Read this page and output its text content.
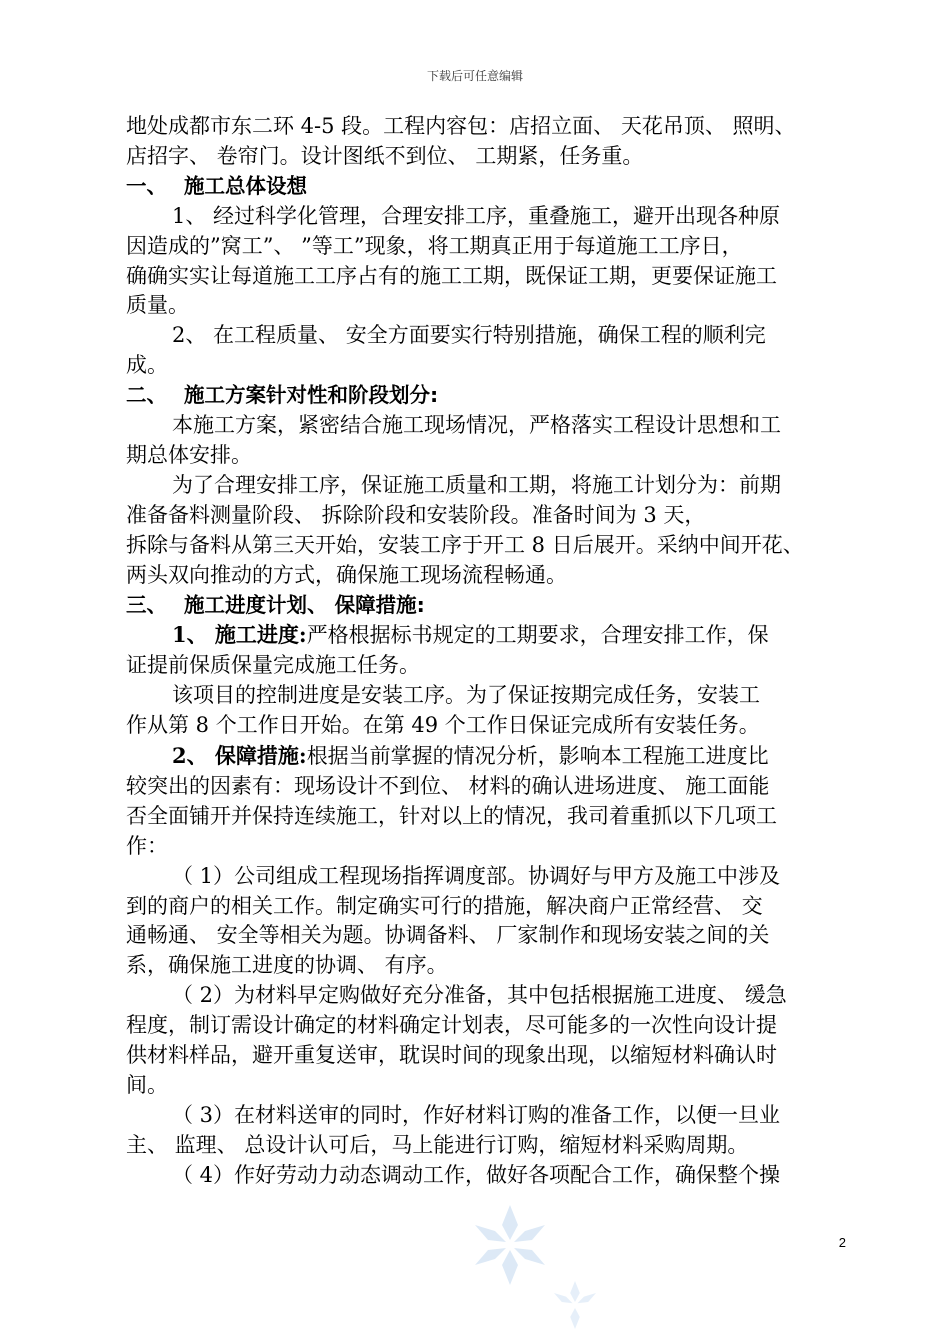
下载后可任意编辑
地处成都市东二环 4-5 段。工程内容包：店招立面、 天花吊顶、 照明、
店招字、 卷帘门。设计图纸不到位、 工期紧，任务重。
一、 施工总体设想
1、 经过科学化管理，合理安排工序，重叠施工，避开出现各种原
因造成的”窝工”、 ”等工”现象，将工期真正用于每道施工工序日，
确确实实让每道施工工序占有的施工工期，既保证工期，更要保证施工
质量。
2、 在工程质量、 安全方面要实行特别措施，确保工程的顺利完
成。
二、 施工方案针对性和阶段划分:
本施工方案，紧密结合施工现场情况，严格落实工程设计思想和工
期总体安排。
为了合理安排工序，保证施工质量和工期，将施工计划分为：前期
准备备料测量阶段、 拆除阶段和安装阶段。准备时间为 3 天，
拆除与备料从第三天开始，安装工序于开工 8 日后展开。采纳中间开花、
两头双向推动的方式，确保施工现场流程畅通。
三、 施工进度计划、 保障措施:
1、 施工进度:严格根据标书规定的工期要求，合理安排工作，保
证提前保质保量完成施工任务。
该项目的控制进度是安装工序。为了保证按期完成任务，安装工
作从第 8 个工作日开始。在第 49 个工作日保证完成所有安装任务。
2、 保障措施:根据当前掌握的情况分析，影响本工程施工进度比
较突出的因素有：现场设计不到位、 材料的确认进场进度、 施工面能
否全面铺开并保持连续施工，针对以上的情况，我司着重抓以下几项工
作：
（ 1）公司组成工程现场指挥调度部。协调好与甲方及施工中涉及
到的商户的相关工作。制定确实可行的措施，解决商户正常经营、 交
通畅通、 安全等相关为题。协调备料、 厂家制作和现场安装之间的关
系，确保施工进度的协调、 有序。
（ 2）为材料早定购做好充分准备，其中包括根据施工进度、 缓急
程度，制订需设计确定的材料确定计划表，尽可能多的一次性向设计提
供材料样品，避开重复送审，耽误时间的现象出现，以缩短材料确认时
间。
（ 3）在材料送审的同时，作好材料订购的准备工作，以便一旦业
主、 监理、 总设计认可后，马上能进行订购，缩短材料采购周期。
（ 4）作好劳动力动态调动工作，做好各项配合工作，确保整个操
2
